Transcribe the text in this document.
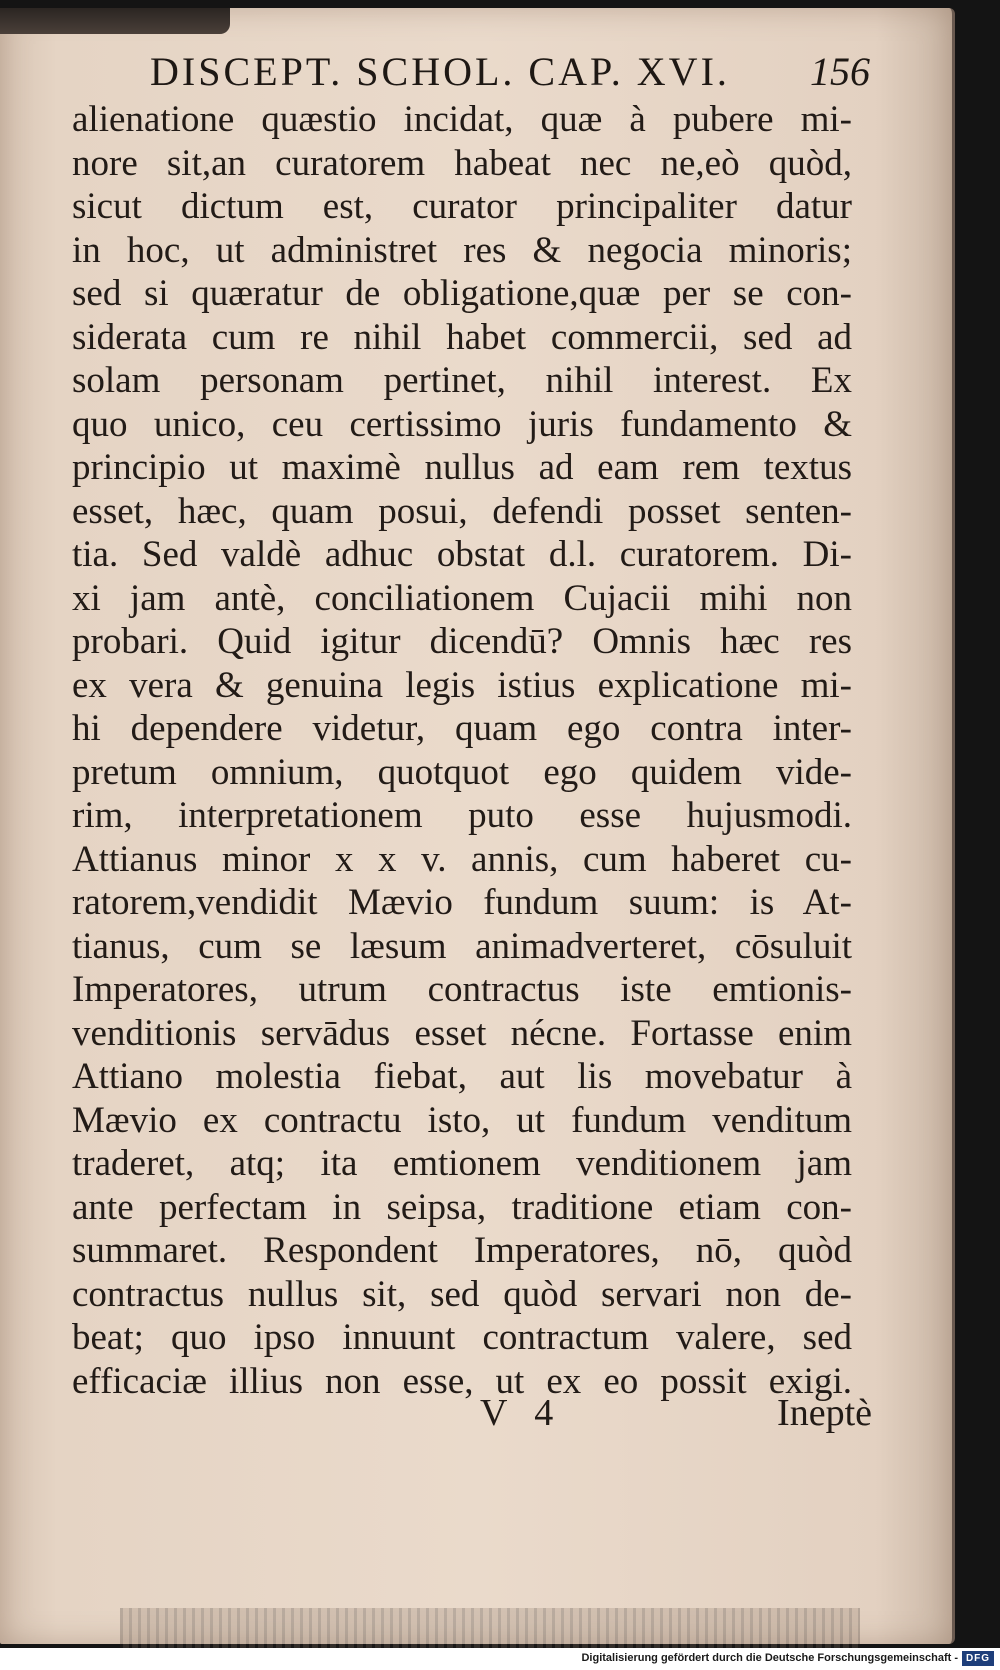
DISCEPT. SCHOL. CAP. XVI. 156
alienatione quæstio incidat, quæ à pubere mi-
nore sit,an curatorem habeat nec ne,eò quòd,
sicut dictum est, curator principaliter datur
in hoc, ut administret res & negocia minoris;
sed si quæratur de obligatione,quæ per se con-
siderata cum re nihil habet commercii, sed ad
solam personam pertinet, nihil interest. Ex
quo unico, ceu certissimo juris fundamento &
principio ut maximè nullus ad eam rem textus
esset, hæc, quam posui, defendi posset senten-
tia. Sed valdè adhuc obstat d.l. curatorem. Di-
xi jam antè, conciliationem Cujacii mihi non
probari. Quid igitur dicendū? Omnis hæc res
ex vera & genuina legis istius explicatione mi-
hi dependere videtur, quam ego contra inter-
pretum omnium, quotquot ego quidem vide-
rim, interpretationem puto esse hujusmodi.
Attianus minor x x v. annis, cum haberet cu-
ratorem,vendidit Mævio fundum suum: is At-
tianus, cum se læsum animadverteret, cōsuluit
Imperatores, utrum contractus iste emtionis-
venditionis servādus esset nécne. Fortasse enim
Attiano molestia fiebat, aut lis movebatur à
Mævio ex contractu isto, ut fundum venditum
traderet, atq; ita emtionem venditionem jam
ante perfectam in seipsa, traditione etiam con-
summaret. Respondent Imperatores, nō, quòd
contractus nullus sit, sed quòd servari non de-
beat; quo ipso innuunt contractum valere, sed
efficaciæ illius non esse, ut ex eo possit exigi.
V 4	Ineptè
Digitalisierung gefördert durch die Deutsche Forschungsgemeinschaft - DFG
